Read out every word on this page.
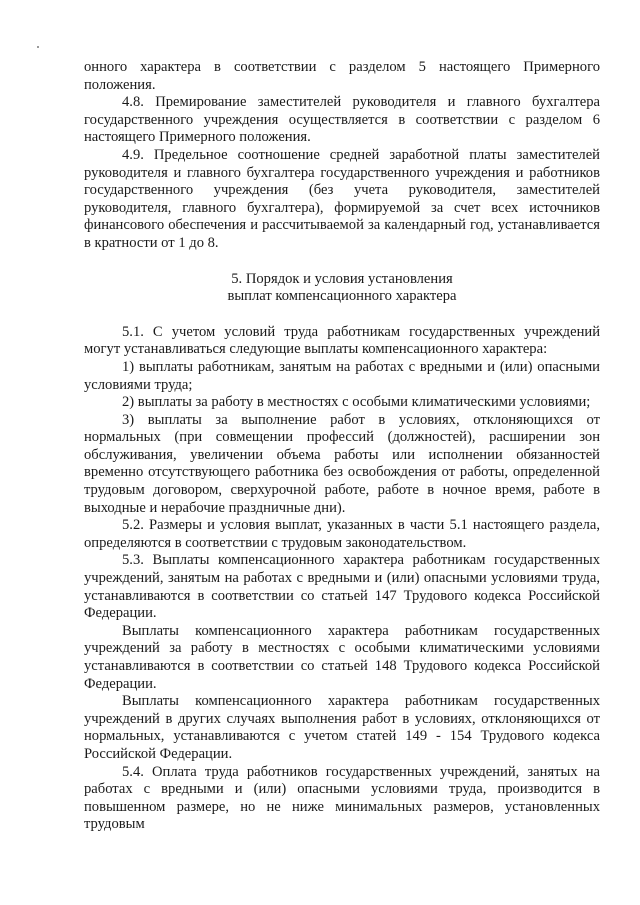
онного характера в соответствии с разделом 5 настоящего Примерного положения.

4.8. Премирование заместителей руководителя и главного бухгалтера государственного учреждения осуществляется в соответствии с разделом 6 настоящего Примерного положения.

4.9. Предельное соотношение средней заработной платы заместителей руководителя и главного бухгалтера государственного учреждения и работников государственного учреждения (без учета руководителя, заместителей руководителя, главного бухгалтера), формируемой за счет всех источников финансового обеспечения и рассчитываемой за календарный год, устанавливается в кратности от 1 до 8.

5. Порядок и условия установления
выплат компенсационного характера

5.1. С учетом условий труда работникам государственных учреждений могут устанавливаться следующие выплаты компенсационного характера:

1) выплаты работникам, занятым на работах с вредными и (или) опасными условиями труда;

2) выплаты за работу в местностях с особыми климатическими условиями;

3) выплаты за выполнение работ в условиях, отклоняющихся от нормальных (при совмещении профессий (должностей), расширении зон обслуживания, увеличении объема работы или исполнении обязанностей временно отсутствующего работника без освобождения от работы, определенной трудовым договором, сверхурочной работе, работе в ночное время, работе в выходные и нерабочие праздничные дни).

5.2. Размеры и условия выплат, указанных в части 5.1 настоящего раздела, определяются в соответствии с трудовым законодательством.

5.3. Выплаты компенсационного характера работникам государственных учреждений, занятым на работах с вредными и (или) опасными условиями труда, устанавливаются в соответствии со статьей 147 Трудового кодекса Российской Федерации.

Выплаты компенсационного характера работникам государственных учреждений за работу в местностях с особыми климатическими условиями устанавливаются в соответствии со статьей 148 Трудового кодекса Российской Федерации.

Выплаты компенсационного характера работникам государственных учреждений в других случаях выполнения работ в условиях, отклоняющихся от нормальных, устанавливаются с учетом статей 149 - 154 Трудового кодекса Российской Федерации.

5.4. Оплата труда работников государственных учреждений, занятых на работах с вредными и (или) опасными условиями труда, производится в повышенном размере, но не ниже минимальных размеров, установленных трудовым
